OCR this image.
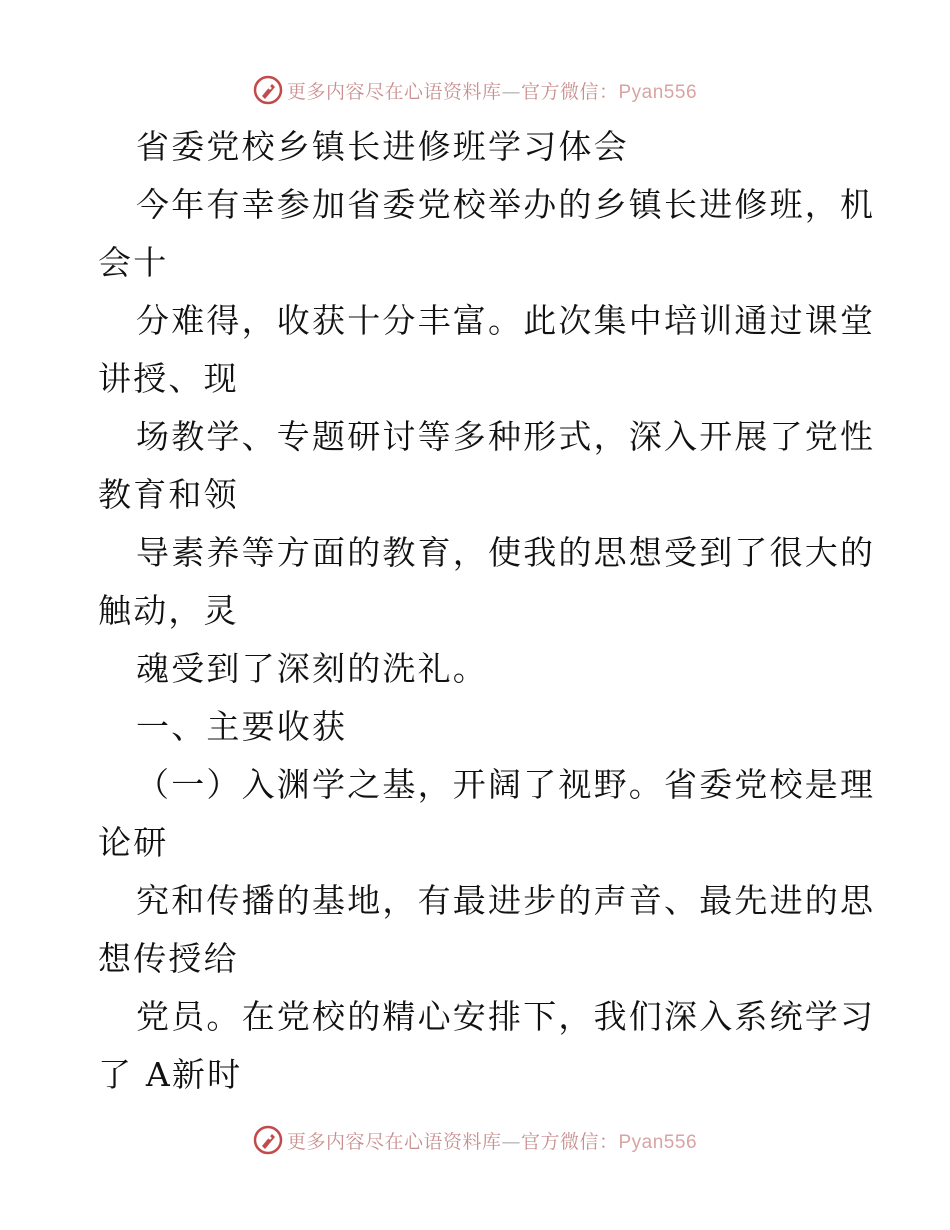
更多内容尽在心语资料库—官方微信：Pyan556
省委党校乡镇长进修班学习体会
今年有幸参加省委党校举办的乡镇长进修班，机
会十
分难得，收获十分丰富。此次集中培训通过课堂
讲授、现
场教学、专题研讨等多种形式，深入开展了党性
教育和领
导素养等方面的教育，使我的思想受到了很大的
触动，灵
魂受到了深刻的洗礼。
一、主要收获
（一）入渊学之基，开阔了视野。省委党校是理
论研
究和传播的基地，有最进步的声音、最先进的思
想传授给
党员。在党校的精心安排下，我们深入系统学习
了 A新时
更多内容尽在心语资料库—官方微信：Pyan556
